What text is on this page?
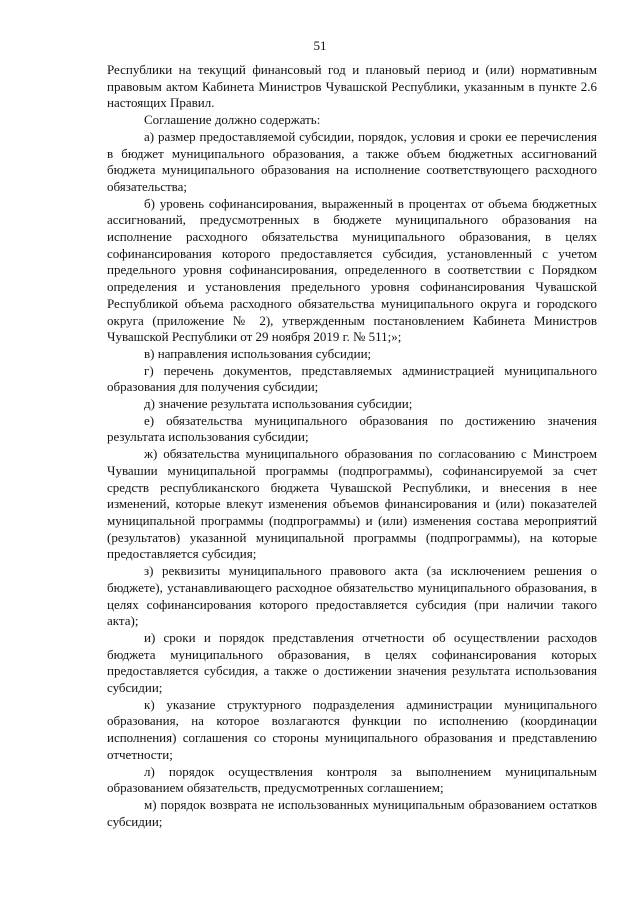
51

Республики на текущий финансовый год и плановый период и (или) нормативным правовым актом Кабинета Министров Чувашской Республики, указанным в пункте 2.6 настоящих Правил.

Соглашение должно содержать:

а) размер предоставляемой субсидии, порядок, условия и сроки ее перечисления в бюджет муниципального образования, а также объем бюджетных ассигнований бюджета муниципального образования на исполнение соответствующего расходного обязательства;

б) уровень софинансирования, выраженный в процентах от объема бюджетных ассигнований, предусмотренных в бюджете муниципального образования на исполнение расходного обязательства муниципального образования, в целях софинансирования которого предоставляется субсидия, установленный с учетом предельного уровня софинансирования, определенного в соответствии с Порядком определения и установления предельного уровня софинансирования Чувашской Республикой объема расходного обязательства муниципального округа и городского округа (приложение № 2), утвержденным постановлением Кабинета Министров Чувашской Республики от 29 ноября 2019 г. № 511;»;

в) направления использования субсидии;

г) перечень документов, представляемых администрацией муниципального образования для получения субсидии;

д) значение результата использования субсидии;

е) обязательства муниципального образования по достижению значения результата использования субсидии;

ж) обязательства муниципального образования по согласованию с Минстроем Чувашии муниципальной программы (подпрограммы), софинансируемой за счет средств республиканского бюджета Чувашской Республики, и внесения в нее изменений, которые влекут изменения объемов финансирования и (или) показателей муниципальной программы (подпрограммы) и (или) изменения состава мероприятий (результатов) указанной муниципальной программы (подпрограммы), на которые предоставляется субсидия;

з) реквизиты муниципального правового акта (за исключением решения о бюджете), устанавливающего расходное обязательство муниципального образования, в целях софинансирования которого предоставляется субсидия (при наличии такого акта);

и) сроки и порядок представления отчетности об осуществлении расходов бюджета муниципального образования, в целях софинансирования которых предоставляется субсидия, а также о достижении значения результата использования субсидии;

к) указание структурного подразделения администрации муниципального образования, на которое возлагаются функции по исполнению (координации исполнения) соглашения со стороны муниципального образования и представлению отчетности;

л) порядок осуществления контроля за выполнением муниципальным образованием обязательств, предусмотренных соглашением;

м) порядок возврата не использованных муниципальным образованием остатков субсидии;
